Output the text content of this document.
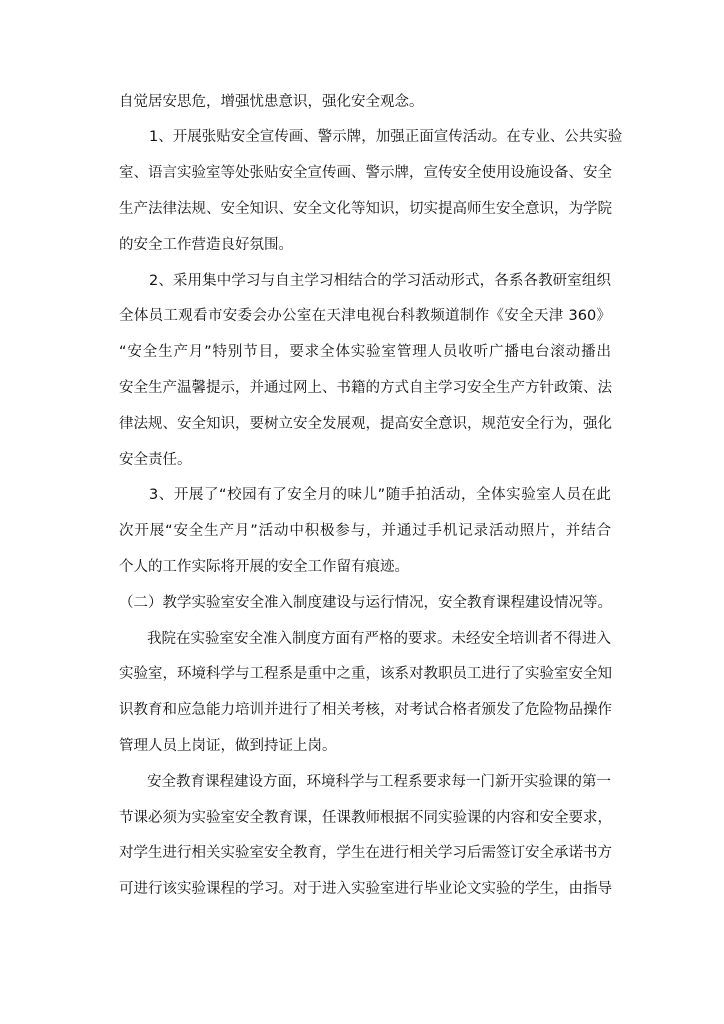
自觉居安思危，增强忧患意识，强化安全观念。
1、开展张贴安全宣传画、警示牌，加强正面宣传活动。在专业、公共实验
室、语言实验室等处张贴安全宣传画、警示牌，宣传安全使用设施设备、安全
生产法律法规、安全知识、安全文化等知识，切实提高师生安全意识，为学院
的安全工作营造良好氛围。
2、采用集中学习与自主学习相结合的学习活动形式，各系各教研室组织
全体员工观看市安委会办公室在天津电视台科教频道制作《安全天津 360》
“安全生产月”特别节目，要求全体实验室管理人员收听广播电台滚动播出
安全生产温馨提示，并通过网上、书籍的方式自主学习安全生产方针政策、法
律法规、安全知识，要树立安全发展观，提高安全意识，规范安全行为，强化
安全责任。
3、开展了“校园有了安全月的味儿”随手拍活动，全体实验室人员在此
次开展“安全生产月”活动中积极参与，并通过手机记录活动照片，并结合
个人的工作实际将开展的安全工作留有痕迹。
（二）教学实验室安全准入制度建设与运行情况，安全教育课程建设情况等。
我院在实验室安全准入制度方面有严格的要求。未经安全培训者不得进入
实验室，环境科学与工程系是重中之重，该系对教职员工进行了实验室安全知
识教育和应急能力培训并进行了相关考核，对考试合格者颁发了危险物品操作
管理人员上岗证，做到持证上岗。
安全教育课程建设方面，环境科学与工程系要求每一门新开实验课的第一
节课必须为实验室安全教育课，任课教师根据不同实验课的内容和安全要求，
对学生进行相关实验室安全教育，学生在进行相关学习后需签订安全承诺书方
可进行该实验课程的学习。对于进入实验室进行毕业论文实验的学生，由指导
